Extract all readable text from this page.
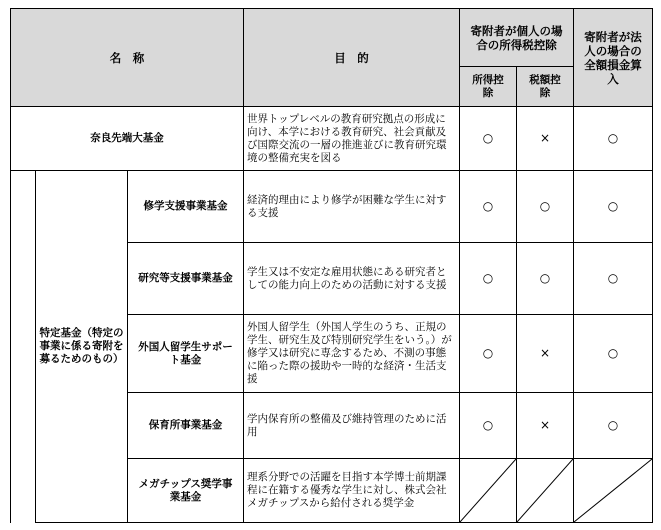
名　称			目　的	寄附者が個人の場合の所得税控除		寄附者が法人の場合の全額損金算入
				所得控除	税額控除	
奈良先端大基金			世界トップレベルの教育研究拠点の形成に向け、本学における教育研究、社会貢献及び国際交流の一層の推進並びに教育研究環境の整備充実を図る	○	×	○
	特定基金（特定の事業に係る寄附を募るためのもの）	修学支援事業基金	経済的理由により修学が困難な学生に対する支援	○	○	○
		研究等支援事業基金	学生又は不安定な雇用状態にある研究者としての能力向上のための活動に対する支援	○	○	○
		外国人留学生サポート基金	外国人留学生（外国人学生のうち、正規の学生、研究生及び特別研究学生をいう。）が修学又は研究に専念するため、不測の事態に陥った際の援助や一時的な経済・生活支援	○	×	○
		保育所事業基金	学内保育所の整備及び維持管理のために活用	○	×	○
		メガチップス奨学事業基金	理系分野での活躍を目指す本学博士前期課程に在籍する優秀な学生に対し、株式会社メガチップスから給付される奨学金	
